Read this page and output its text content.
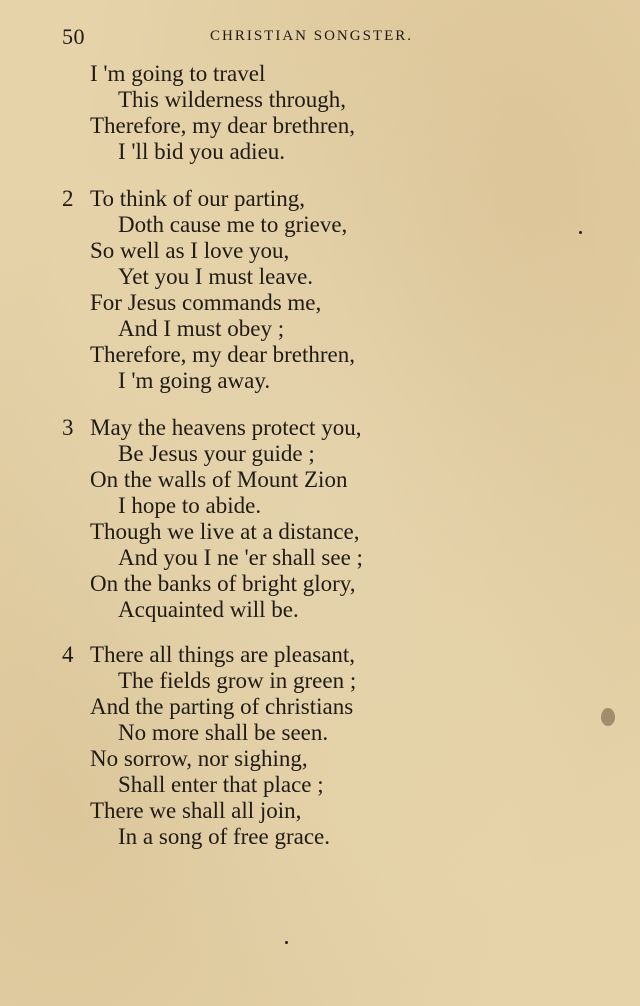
50	CHRISTIAN SONGSTER.
I 'm going to travel
This wilderness through,
Therefore, my dear brethren,
I 'll bid you adieu.
2 To think of our parting,
Doth cause me to grieve,
So well as I love you,
Yet you I must leave.
For Jesus commands me,
And I must obey ;
Therefore, my dear brethren,
I 'm going away.
3 May the heavens protect you,
Be Jesus your guide ;
On the walls of Mount Zion
I hope to abide.
Though we live at a distance,
And you I ne 'er shall see ;
On the banks of bright glory,
Acquainted will be.
4 There all things are pleasant,
The fields grow in green ;
And the parting of christians
No more shall be seen.
No sorrow, nor sighing,
Shall enter that place ;
There we shall all join,
In a song of free grace.
